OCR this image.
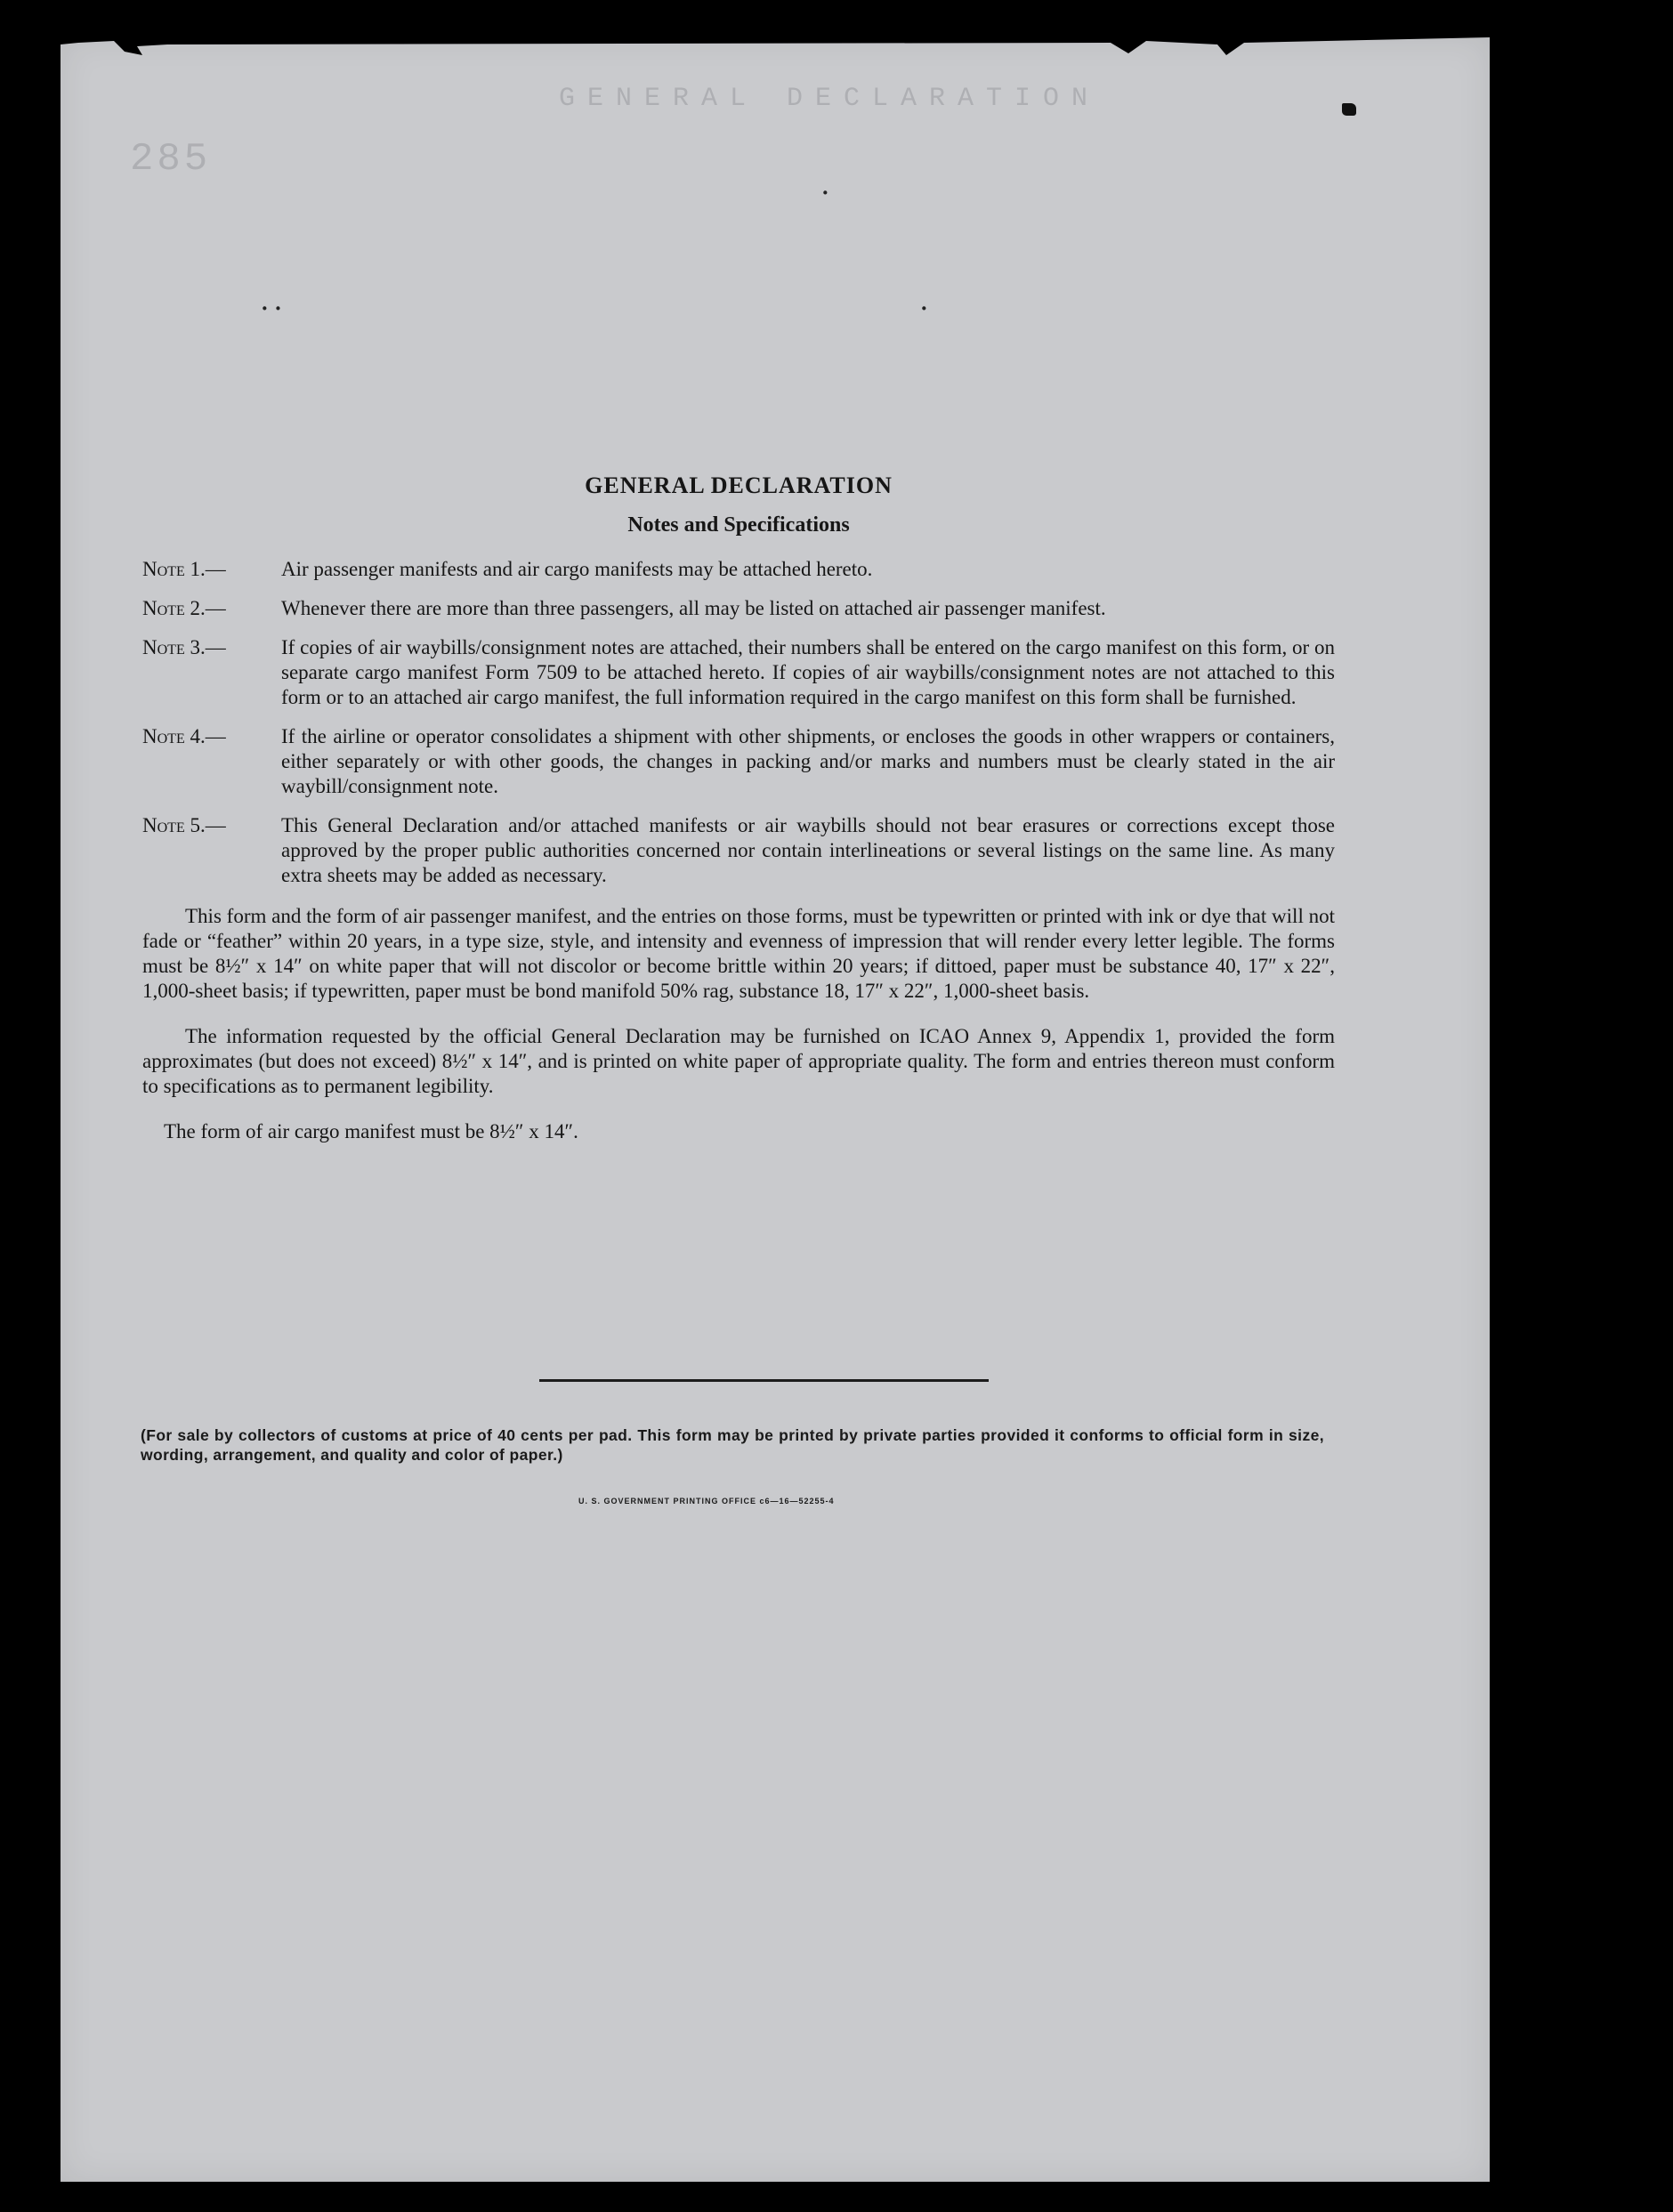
285
GENERAL DECLARATION
·
· ·	·
GENERAL DECLARATION
Notes and Specifications
Note 1.—	Air passenger manifests and air cargo manifests may be attached hereto.
Note 2.—	Whenever there are more than three passengers, all may be listed on attached air passenger manifest.
Note 3.—	If copies of air waybills/consignment notes are attached, their numbers shall be entered on the cargo manifest on this form, or on separate cargo manifest Form 7509 to be attached hereto. If copies of air waybills/consignment notes are not attached to this form or to an attached air cargo manifest, the full information required in the cargo manifest on this form shall be furnished.
Note 4.—	If the airline or operator consolidates a shipment with other shipments, or encloses the goods in other wrappers or containers, either separately or with other goods, the changes in packing and/or marks and numbers must be clearly stated in the air waybill/consignment note.
Note 5.—	This General Declaration and/or attached manifests or air waybills should not bear erasures or corrections except those approved by the proper public authorities concerned nor contain interlineations or several listings on the same line. As many extra sheets may be added as necessary.

This form and the form of air passenger manifest, and the entries on those forms, must be typewritten or printed with ink or dye that will not fade or “feather” within 20 years, in a type size, style, and intensity and evenness of impression that will render every letter legible. The forms must be 8½″ x 14″ on white paper that will not discolor or become brittle within 20 years; if dittoed, paper must be substance 40, 17″ x 22″, 1,000-sheet basis; if typewritten, paper must be bond manifold 50% rag, substance 18, 17″ x 22″, 1,000-sheet basis.

The information requested by the official General Declaration may be furnished on ICAO Annex 9, Appendix 1, provided the form approximates (but does not exceed) 8½″ x 14″, and is printed on white paper of appropriate quality. The form and entries thereon must conform to specifications as to permanent legibility.

The form of air cargo manifest must be 8½″ x 14″.

(For sale by collectors of customs at price of 40 cents per pad. This form may be printed by private parties provided it conforms to official form in size, wording, arrangement, and quality and color of paper.)
U. S. GOVERNMENT PRINTING OFFICE c6—16—52255-4
